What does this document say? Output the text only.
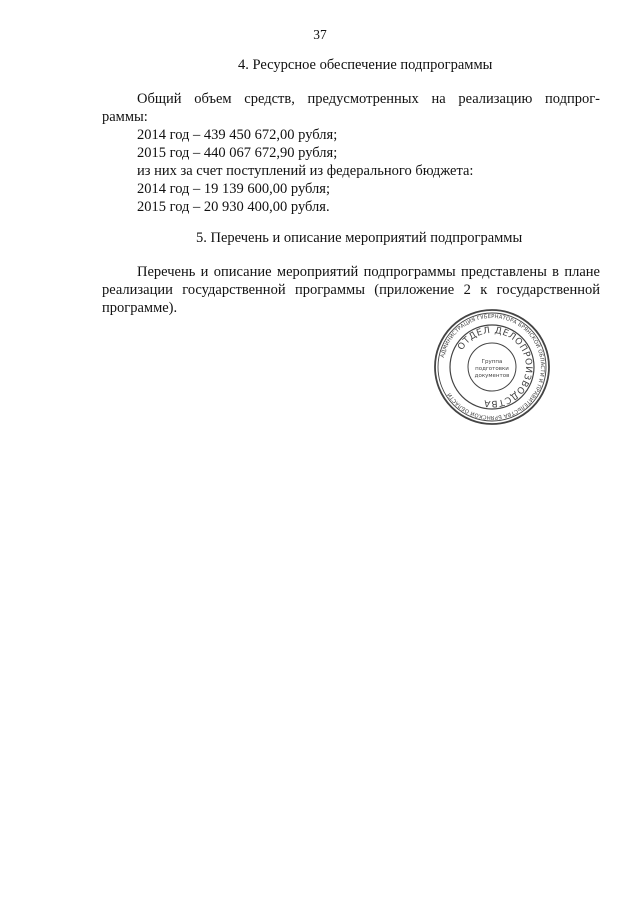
37
4. Ресурсное обеспечение подпрограммы
Общий объем средств, предусмотренных на реализацию подпрог-
раммы:
2014 год – 439 450 672,00 рубля;
2015 год – 440 067 672,90 рубля;
из них за счет поступлений из федерального бюджета:
2014 год – 19 139 600,00 рубля;
2015 год – 20 930 400,00 рубля.
5. Перечень и описание мероприятий подпрограммы
Перечень и описание мероприятий подпрограммы представлены в плане
реализации государственной программы (приложение 2 к государственной
программе).
АДМИНИСТРАЦИЯ ГУБЕРНАТОРА БРЯНСКОЙ ОБЛАСТИ И ПРАВИТЕЛЬСТВА БРЯНСКОЙ ОБЛАСТИ
ОТДЕЛ ДЕЛОПРОИЗВОДСТВА
Группа
подготовки
документов
